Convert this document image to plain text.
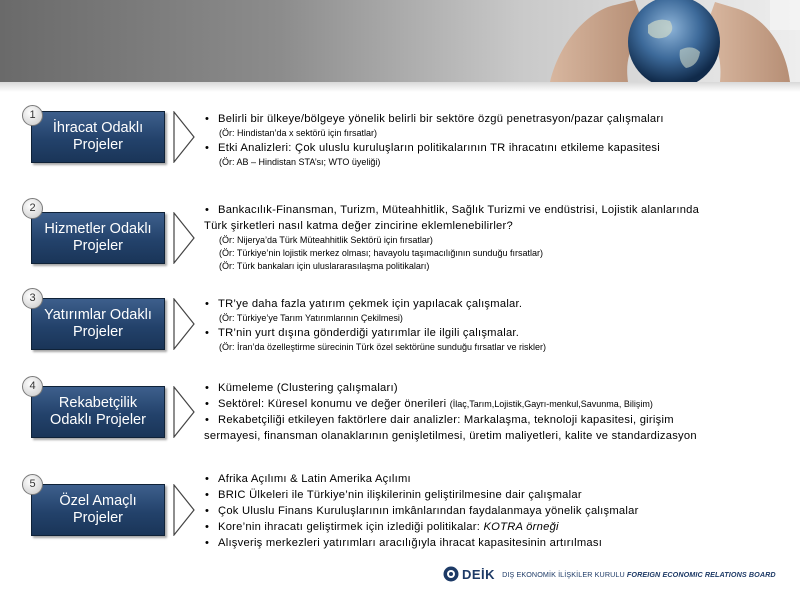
1
İhracat Odaklı Projeler
• Belirli bir ülkeye/bölgeye yönelik belirli bir sektöre özgü penetrasyon/pazar çalışmaları
(Ör: Hindistan’da x sektörü için fırsatlar)
• Etki Analizleri: Çok uluslu kuruluşların politikalarının TR ihracatını etkileme kapasitesi
(Ör: AB – Hindistan STA’sı; WTO üyeliği)
2
Hizmetler Odaklı Projeler
• Bankacılık-Finansman, Turizm, Müteahhitlik, Sağlık Turizmi ve endüstrisi, Lojistik alanlarında
Türk şirketleri nasıl katma değer zincirine eklemlenebilirler?
(Ör: Nijerya’da Türk Müteahhitlik Sektörü için fırsatlar)
(Ör: Türkiye’nin lojistik merkez olması; havayolu taşımacılığının sunduğu fırsatlar)
(Ör: Türk bankaları için uluslararasılaşma politikaları)
3
Yatırımlar Odaklı Projeler
• TR’ye daha fazla yatırım çekmek için yapılacak çalışmalar.
(Ör: Türkiye’ye Tarım Yatırımlarının Çekilmesi)
• TR’nin yurt dışına gönderdiği yatırımlar ile ilgili çalışmalar.
(Ör: İran’da özelleştirme sürecinin Türk özel sektörüne sunduğu fırsatlar ve riskler)
4
Rekabetçilik Odaklı Projeler
• Kümeleme (Clustering çalışmaları)
• Sektörel: Küresel konumu ve değer önerileri (İlaç,Tarım,Lojistik,Gayrı-menkul,Savunma, Bilişim)
• Rekabetçiliği etkileyen faktörlere dair analizler: Markalaşma, teknoloji kapasitesi, girişim
sermayesi, finansman olanaklarının genişletilmesi, üretim maliyetleri, kalite ve standardizasyon
5
Özel Amaçlı Projeler
• Afrika Açılımı & Latin Amerika Açılımı
• BRIC Ülkeleri ile Türkiye’nin ilişkilerinin geliştirilmesine dair çalışmalar
• Çok Uluslu Finans Kuruluşlarının imkânlarından faydalanmaya yönelik çalışmalar
• Kore’nin ihracatı geliştirmek için izlediği politikalar: KOTRA örneği
• Alışveriş merkezleri yatırımları aracılığıyla ihracat kapasitesinin artırılması
DEİK DIŞ EKONOMİK İLİŞKİLER KURULU FOREIGN ECONOMIC RELATIONS BOARD
